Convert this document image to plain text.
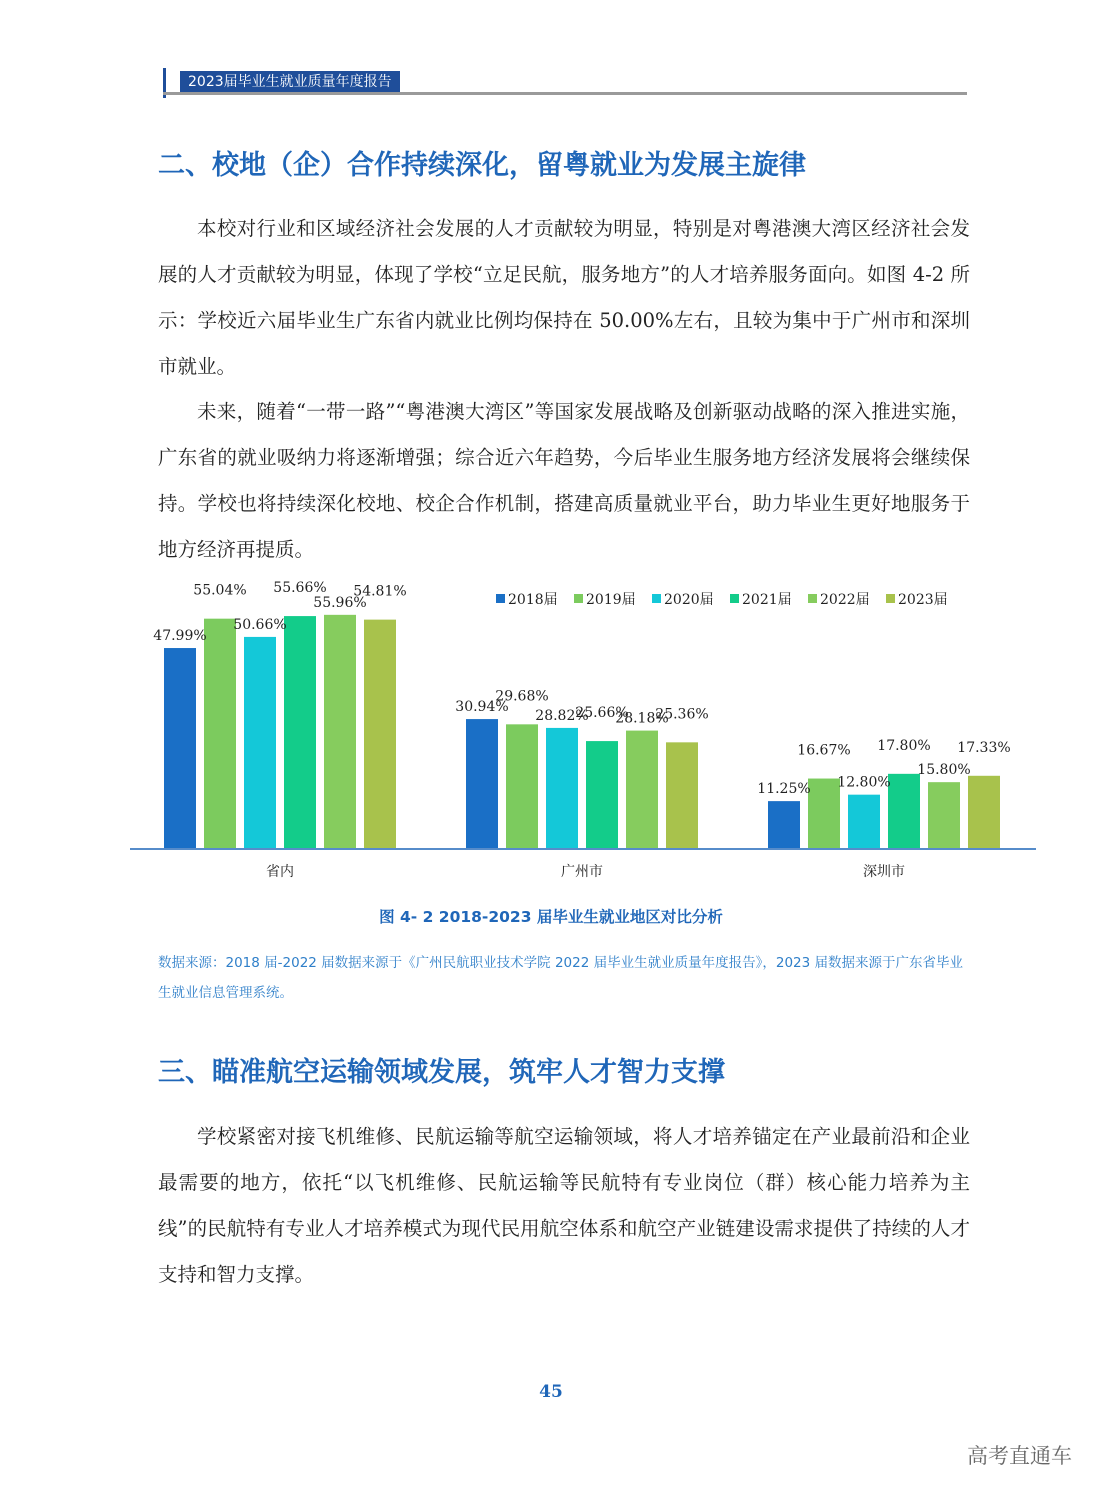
2023届毕业生就业质量年度报告
二、校地（企）合作持续深化，留粤就业为发展主旋律
本校对行业和区域经济社会发展的人才贡献较为明显，特别是对粤港澳大湾区经济社会发展的人才贡献较为明显，体现了学校“立足民航，服务地方”的人才培养服务面向。如图 4-2 所示：学校近六届毕业生广东省内就业比例均保持在 50.00%左右，且较为集中于广州市和深圳市就业。
未来，随着“一带一路”“粤港澳大湾区”等国家发展战略及创新驱动战略的深入推进实施，广东省的就业吸纳力将逐渐增强；综合近六年趋势，今后毕业生服务地方经济发展将会继续保持。学校也将持续深化校地、校企合作机制，搭建高质量就业平台，助力毕业生更好地服务于地方经济再提质。
2018届 2019届 2020届 2021届 2022届 2023届
47.99%
55.04%
50.66%
55.66%
55.96%
54.81%
30.94%
29.68%
28.82%
25.66%
28.18%
25.36%
11.25%
16.67%
12.80%
17.80%
15.80%
17.33%
省内	广州市	深圳市
图 4- 2 2018-2023 届毕业生就业地区对比分析
数据来源：2018 届-2022 届数据来源于《广州民航职业技术学院 2022 届毕业生就业质量年度报告》，2023 届数据来源于广东省毕业生就业信息管理系统。
三、瞄准航空运输领域发展，筑牢人才智力支撑
学校紧密对接飞机维修、民航运输等航空运输领域，将人才培养锚定在产业最前沿和企业最需要的地方，依托“以飞机维修、民航运输等民航特有专业岗位（群）核心能力培养为主线”的民航特有专业人才培养模式为现代民用航空体系和航空产业链建设需求提供了持续的人才支持和智力支撑。
45
高考直通车
